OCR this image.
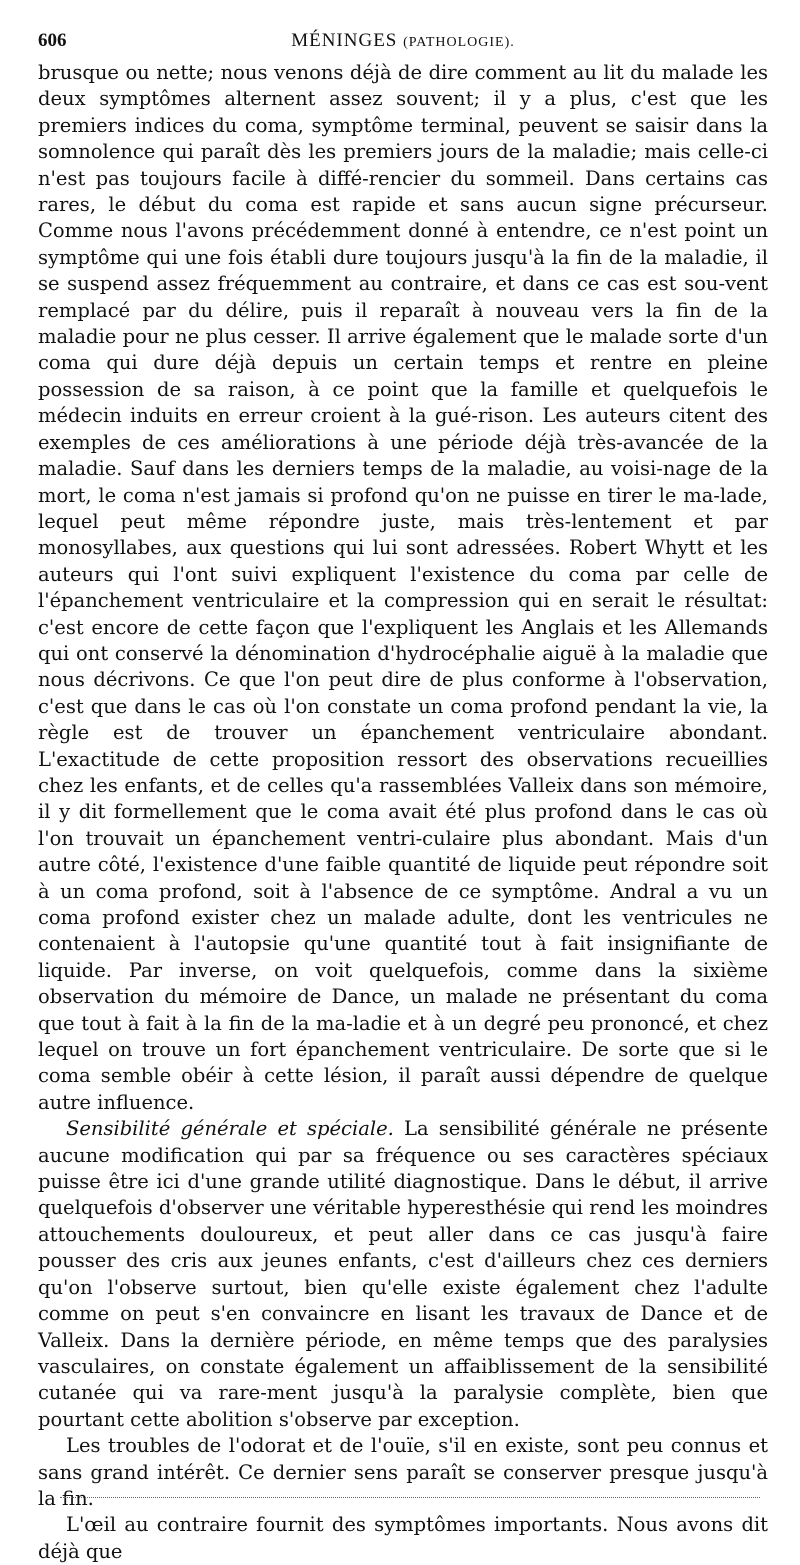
606	MÉNINGES (PATHOLOGIE).

brusque ou nette; nous venons déjà de dire comment au lit du malade les deux symptômes alternent assez souvent; il y a plus, c'est que les premiers indices du coma, symptôme terminal, peuvent se saisir dans la somnolence qui paraît dès les premiers jours de la maladie; mais celle-ci n'est pas toujours facile à diffé-rencier du sommeil. Dans certains cas rares, le début du coma est rapide et sans aucun signe précurseur. Comme nous l'avons précédemment donné à entendre, ce n'est point un symptôme qui une fois établi dure toujours jusqu'à la fin de la maladie, il se suspend assez fréquemment au contraire, et dans ce cas est sou-vent remplacé par du délire, puis il reparaît à nouveau vers la fin de la maladie pour ne plus cesser. Il arrive également que le malade sorte d'un coma qui dure déjà depuis un certain temps et rentre en pleine possession de sa raison, à ce point que la famille et quelquefois le médecin induits en erreur croient à la gué-rison. Les auteurs citent des exemples de ces améliorations à une période déjà très-avancée de la maladie. Sauf dans les derniers temps de la maladie, au voisi-nage de la mort, le coma n'est jamais si profond qu'on ne puisse en tirer le ma-lade, lequel peut même répondre juste, mais très-lentement et par monosyllabes, aux questions qui lui sont adressées. Robert Whytt et les auteurs qui l'ont suivi expliquent l'existence du coma par celle de l'épanchement ventriculaire et la compression qui en serait le résultat: c'est encore de cette façon que l'expliquent les Anglais et les Allemands qui ont conservé la dénomination d'hydrocéphalie aiguë à la maladie que nous décrivons. Ce que l'on peut dire de plus conforme à l'observation, c'est que dans le cas où l'on constate un coma profond pendant la vie, la règle est de trouver un épanchement ventriculaire abondant. L'exactitude de cette proposition ressort des observations recueillies chez les enfants, et de celles qu'a rassemblées Valleix dans son mémoire, il y dit formellement que le coma avait été plus profond dans le cas où l'on trouvait un épanchement ventri-culaire plus abondant. Mais d'un autre côté, l'existence d'une faible quantité de liquide peut répondre soit à un coma profond, soit à l'absence de ce symptôme. Andral a vu un coma profond exister chez un malade adulte, dont les ventricules ne contenaient à l'autopsie qu'une quantité tout à fait insignifiante de liquide. Par inverse, on voit quelquefois, comme dans la sixième observation du mémoire de Dance, un malade ne présentant du coma que tout à fait à la fin de la ma-ladie et à un degré peu prononcé, et chez lequel on trouve un fort épanchement ventriculaire. De sorte que si le coma semble obéir à cette lésion, il paraît aussi dépendre de quelque autre influence.

Sensibilité générale et spéciale. La sensibilité générale ne présente aucune modification qui par sa fréquence ou ses caractères spéciaux puisse être ici d'une grande utilité diagnostique. Dans le début, il arrive quelquefois d'observer une véritable hyperesthésie qui rend les moindres attouchements douloureux, et peut aller dans ce cas jusqu'à faire pousser des cris aux jeunes enfants, c'est d'ailleurs chez ces derniers qu'on l'observe surtout, bien qu'elle existe également chez l'adulte comme on peut s'en convaincre en lisant les travaux de Dance et de Valleix. Dans la dernière période, en même temps que des paralysies vasculaires, on constate également un affaiblissement de la sensibilité cutanée qui va rare-ment jusqu'à la paralysie complète, bien que pourtant cette abolition s'observe par exception.

Les troubles de l'odorat et de l'ouïe, s'il en existe, sont peu connus et sans grand intérêt. Ce dernier sens paraît se conserver presque jusqu'à la fin.

L'œil au contraire fournit des symptômes importants. Nous avons dit déjà que
